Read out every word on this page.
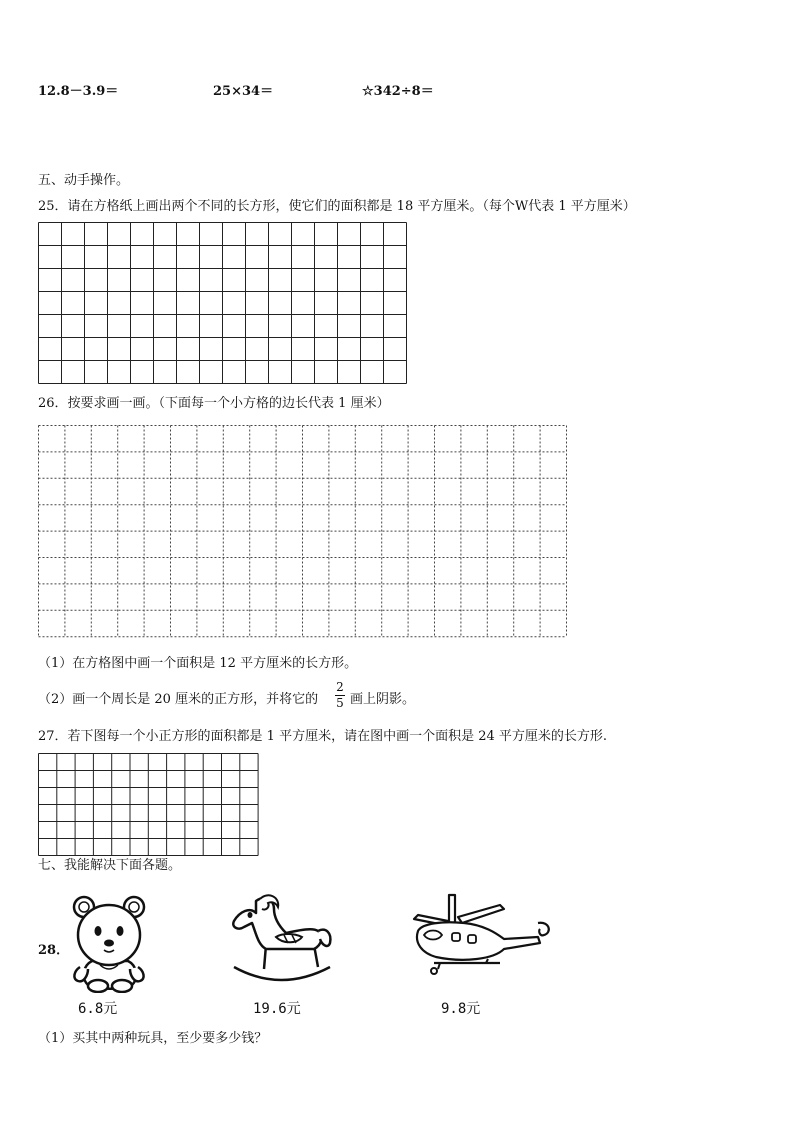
12.8－3.9＝	25×34＝	☆342÷8＝
五、动手操作。
25．请在方格纸上画出两个不同的长方形，使它们的面积都是 18 平方厘米。（每个W代表 1 平方厘米）
26．按要求画一画。（下面每一个小方格的边长代表 1 厘米）
（1）在方格图中画一个面积是 12 平方厘米的长方形。
（2）画一个周长是 20 厘米的正方形，并将它的
2
5 画上阴影。
27．若下图每一个小正方形的面积都是 1 平方厘米，请在图中画一个面积是 24 平方厘米的长方形.
七、我能解决下面各题。
28．
6.8元	19.6元	9.8元
（1）买其中两种玩具，至少要多少钱？
